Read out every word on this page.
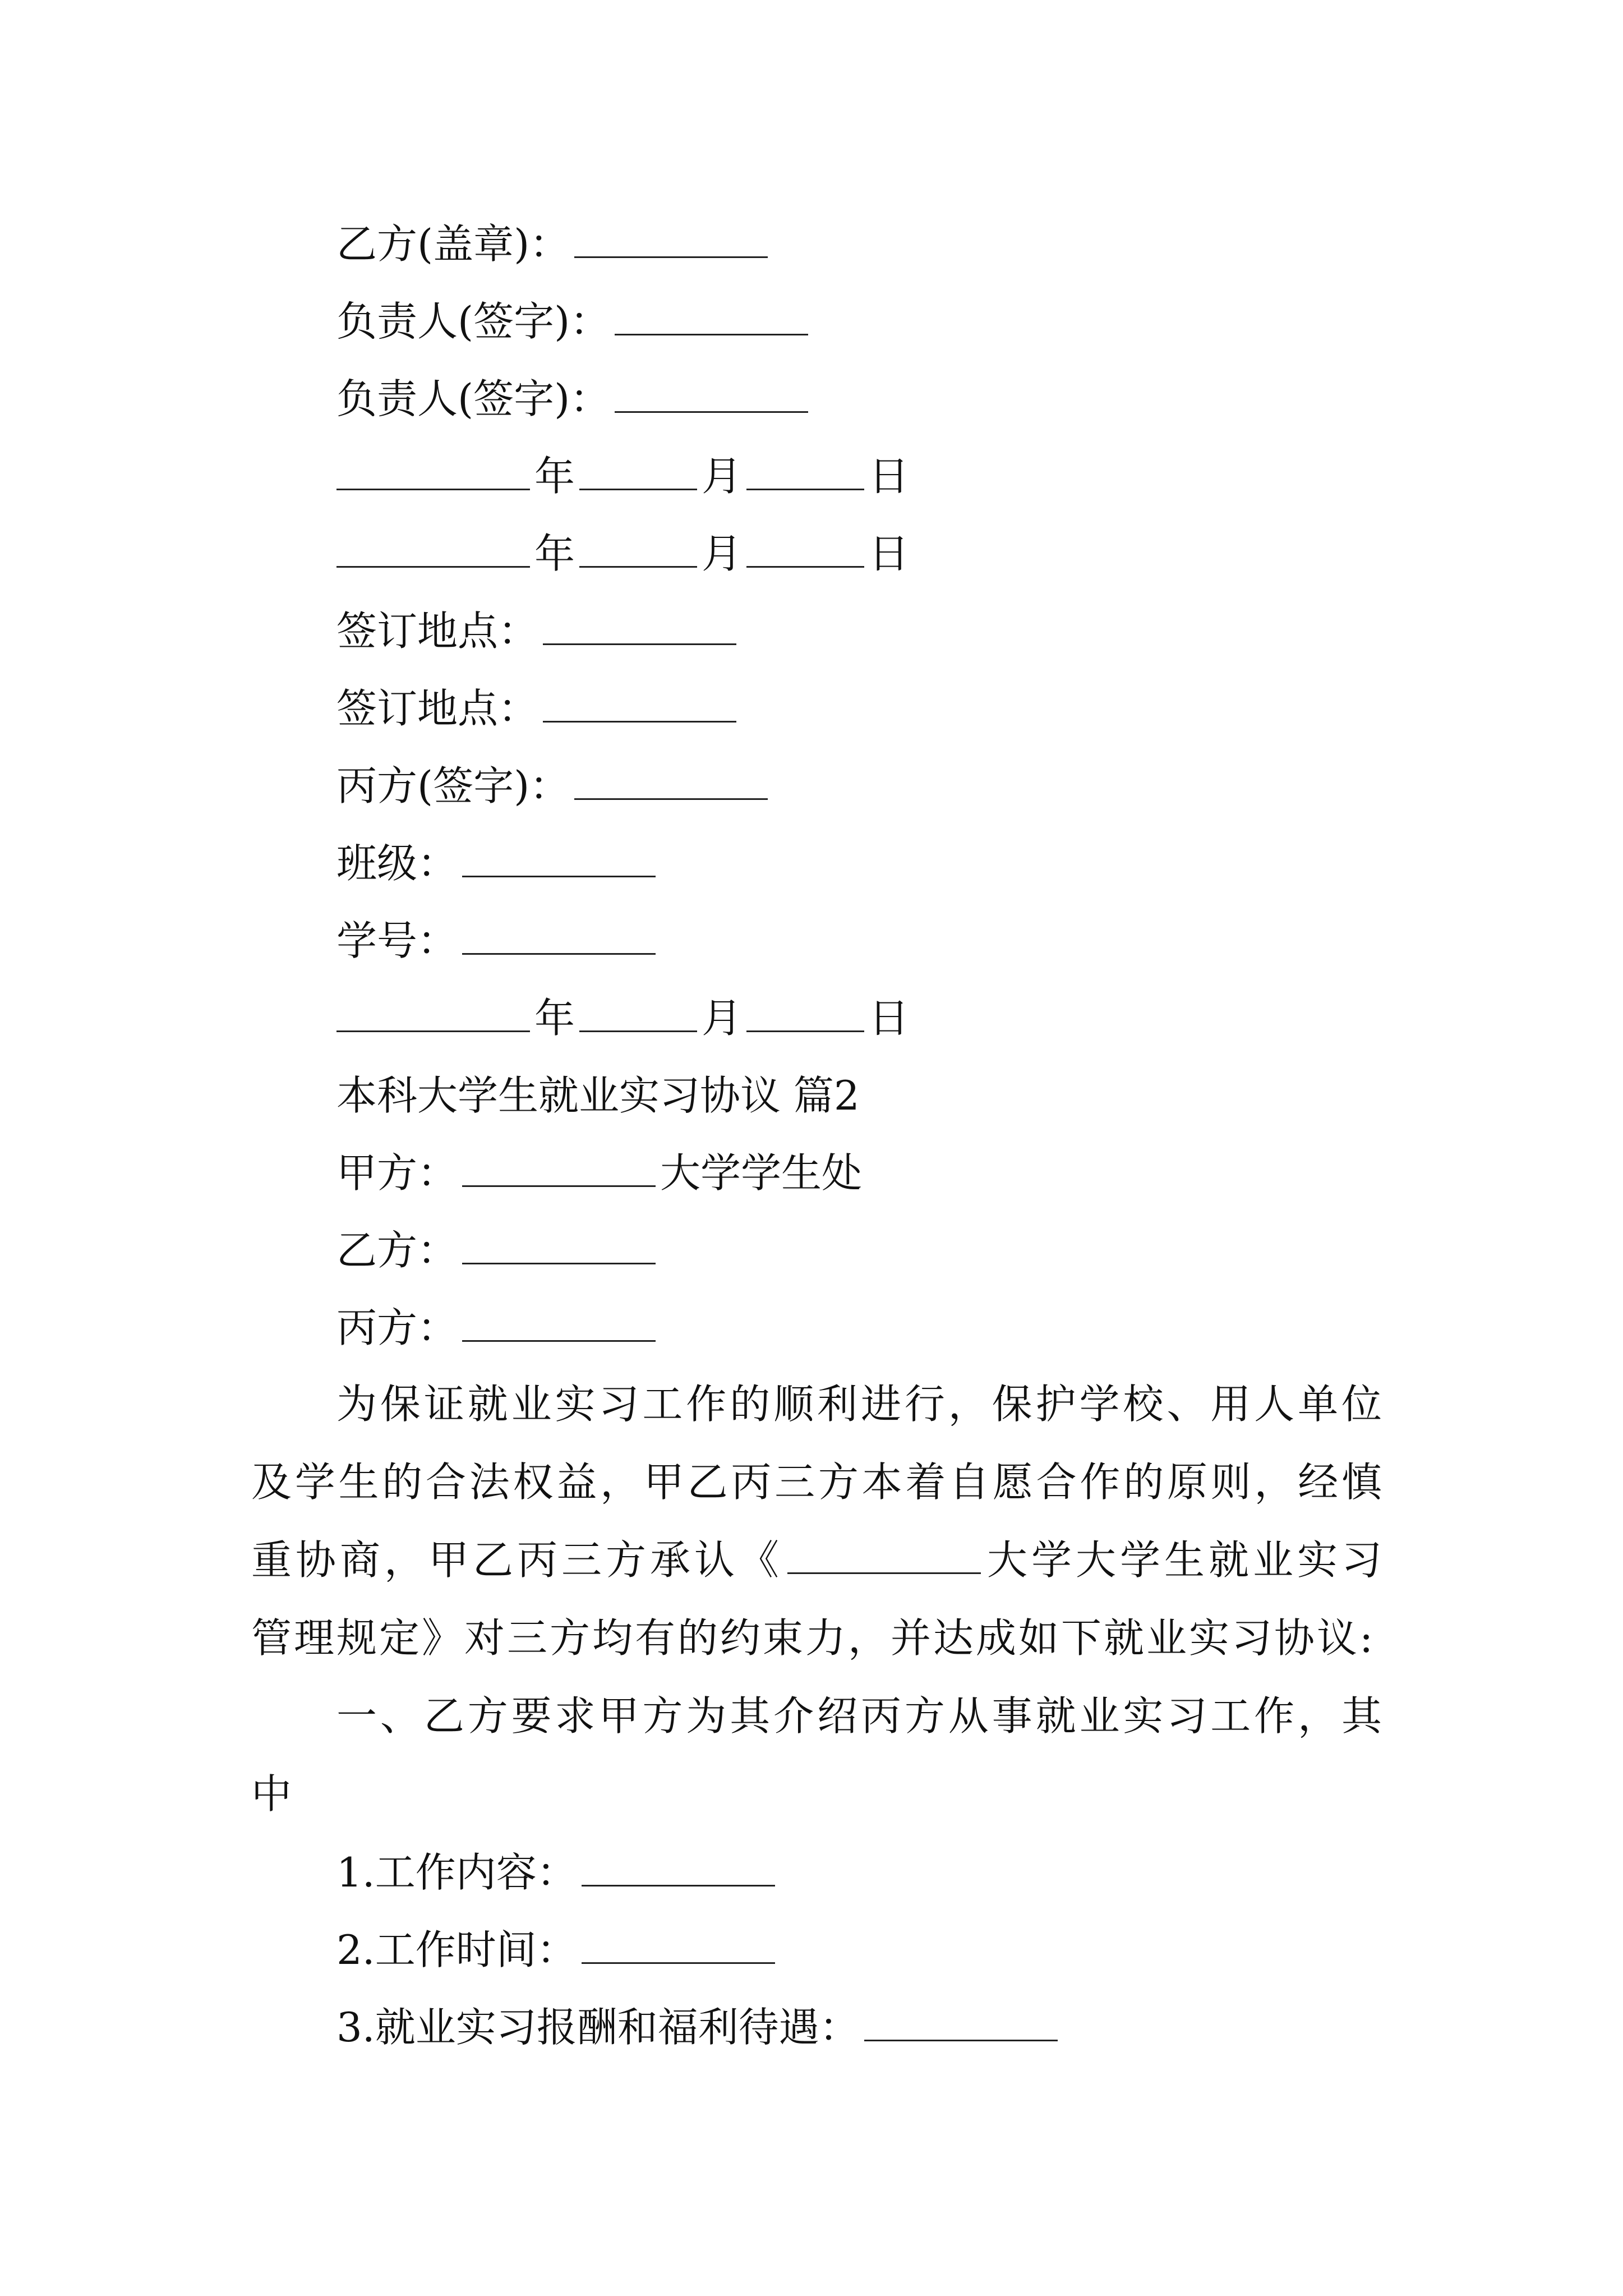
乙方(盖章)：
负责人(签字)：
负责人(签字)：
年	月	日
年	月	日
签订地点：
签订地点：
丙方(签字)：
班级：
学号：
年	月	日
本科大学生就业实习协议 篇2
甲方：	大学学生处
乙方：
丙方：
为保证就业实习工作的顺利进行，保护学校、用人单位及学生的合法权益，甲乙丙三方本着自愿合作的原则，经慎重协商，甲乙丙三方承认《	大学大学生就业实习管理规定》对三方均有的约束力，并达成如下就业实习协议:
一、乙方要求甲方为其介绍丙方从事就业实习工作，其中
1.工作内容：
2.工作时间：
3.就业实习报酬和福利待遇：
